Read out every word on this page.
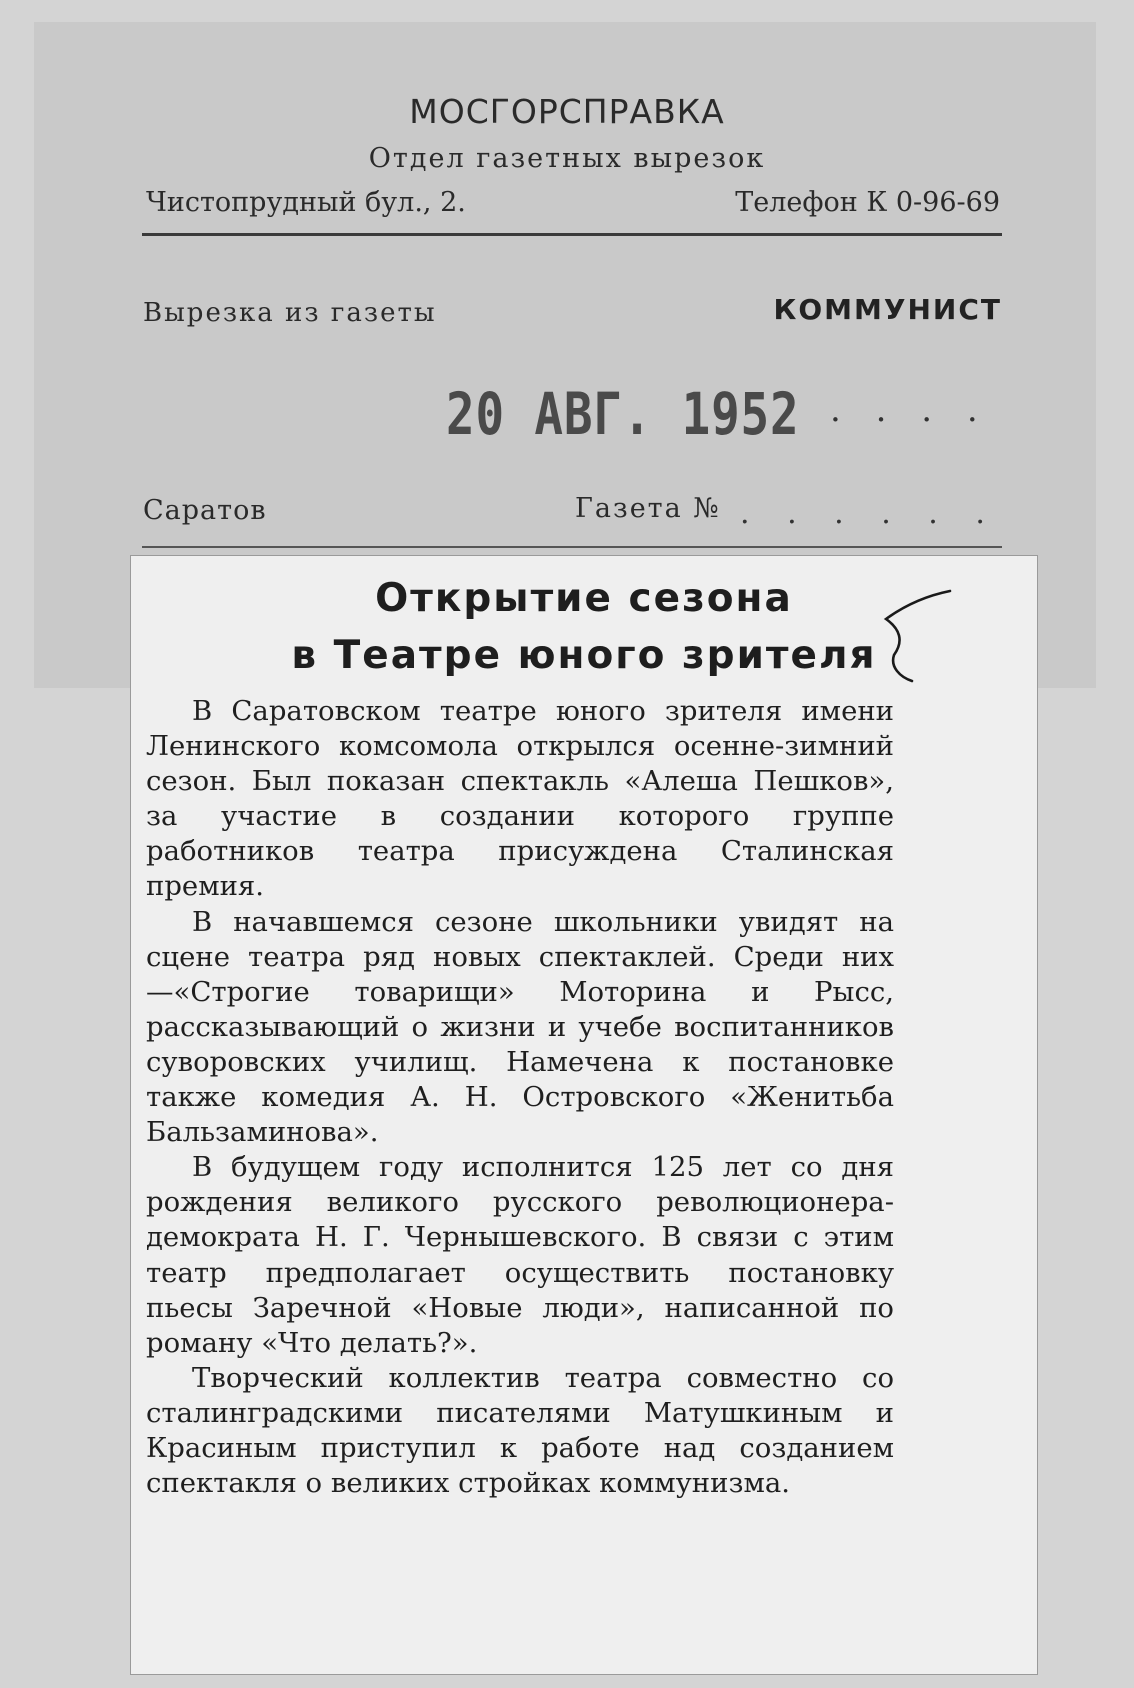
МОСГОРСПРАВКА
Отдел газетных вырезок
Чистопрудный бул., 2.	Телефон К 0-96-69
Вырезка из газеты	КОММУНИСТ
20 АВГ. 1952 . . . .
Саратов	Газета № . . . . . .
Открытие сезона
в Театре юного зрителя

В Саратовском театре юного зрителя имени Ленинского комсомола открылся осенне-зимний сезон. Был показан спектакль «Алеша Пешков», за участие в создании которого группе работников театра присуждена Сталинская премия.

В начавшемся сезоне школьники увидят на сцене театра ряд новых спектаклей. Среди них —«Строгие товарищи» Моторина и Рысс, рассказывающий о жизни и учебе воспитанников суворовских училищ. Намечена к постановке также комедия А. Н. Островского «Женитьба Бальзаминова».

В будущем году исполнится 125 лет со дня рождения великого русского революционера-демократа Н. Г. Чернышевского. В связи с этим театр предполагает осуществить постановку пьесы Заречной «Новые люди», написанной по роману «Что делать?».

Творческий коллектив театра совместно со сталинградскими писателями Матушкиным и Красиным приступил к работе над созданием спектакля о великих стройках коммунизма.
